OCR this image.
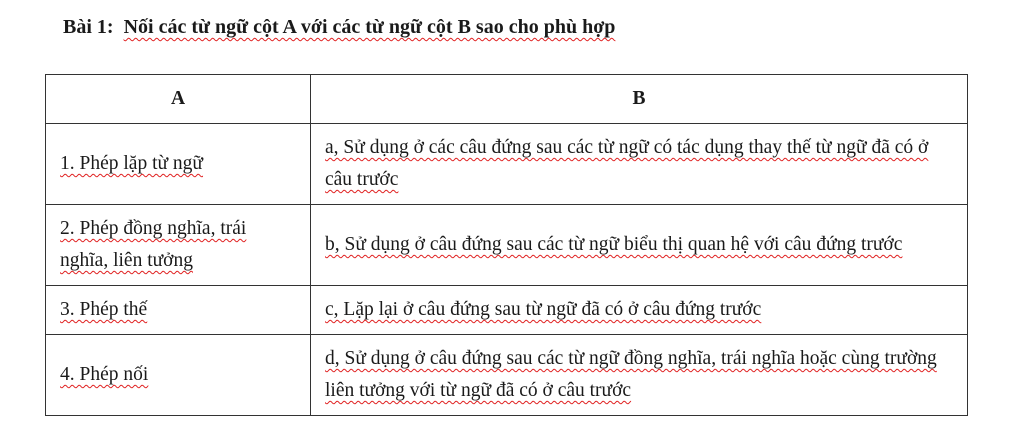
Bài 1: Nối các từ ngữ cột A với các từ ngữ cột B sao cho phù hợp
A	B
1. Phép lặp từ ngữ	a, Sử dụng ở các câu đứng sau các từ ngữ có tác dụng thay thế từ ngữ đã có ở câu trước
2. Phép đồng nghĩa, trái nghĩa, liên tưởng	b, Sử dụng ở câu đứng sau các từ ngữ biểu thị quan hệ với câu đứng trước
3. Phép thế	c, Lặp lại ở câu đứng sau từ ngữ đã có ở câu đứng trước
4. Phép nối	d, Sử dụng ở câu đứng sau các từ ngữ đồng nghĩa, trái nghĩa hoặc cùng trường liên tưởng với từ ngữ đã có ở câu trước
